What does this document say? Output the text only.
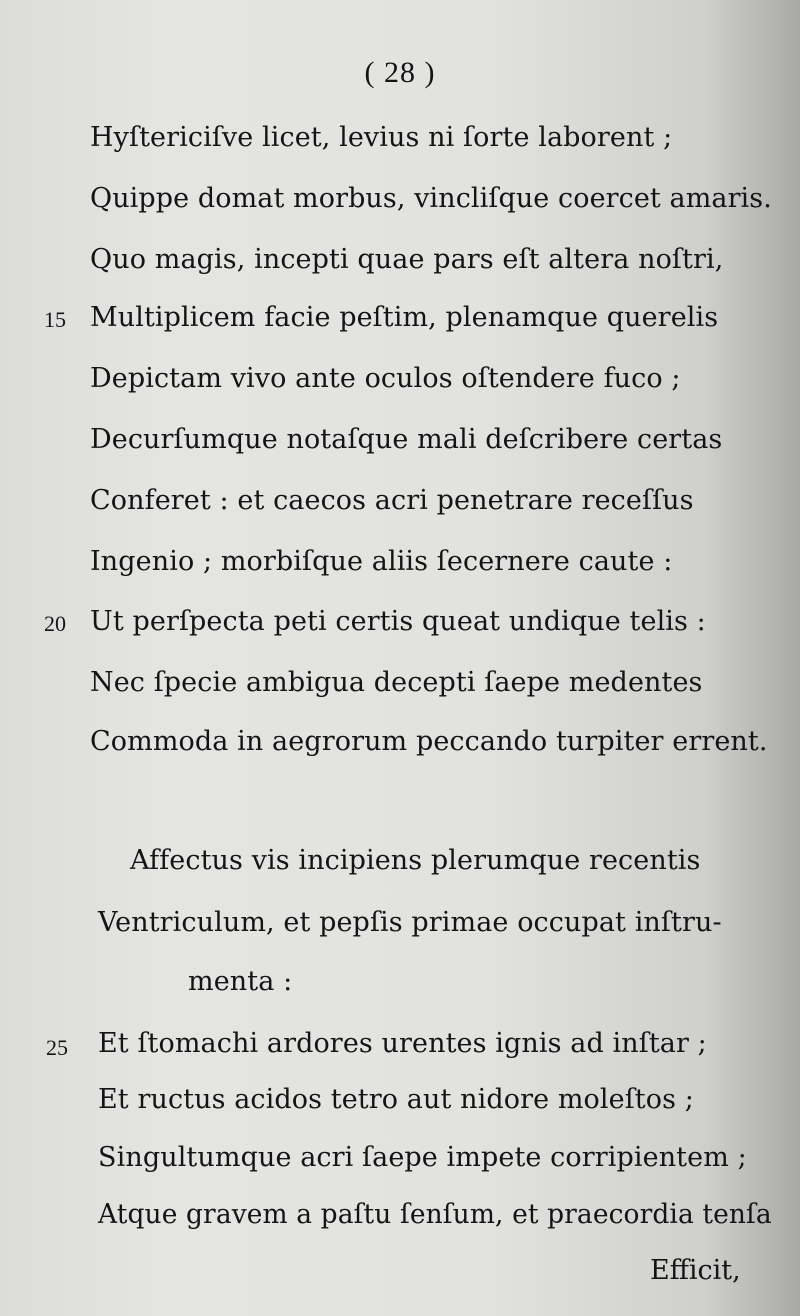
( 28 )
Hyſtericiſve licet, levius ni ſorte laborent ;
Quippe domat morbus, vincliſque coercet amaris.
Quo magis, incepti quae pars eſt altera noſtri,
15 Multiplicem facie peſtim, plenamque querelis
Depictam vivo ante oculos oſtendere fuco ;
Decurſumque notaſque mali deſcribere certas
Conferet : et caecos acri penetrare receſſus
Ingenio ; morbiſque aliis ſecernere caute :
20 Ut perſpecta peti certis queat undique telis :
Nec ſpecie ambigua decepti ſaepe medentes
Commoda in aegrorum peccando turpiter errent.
Affectus vis incipiens plerumque recentis
Ventriculum, et pepſis primae occupat inſtru-
menta :
25 Et ſtomachi ardores urentes ignis ad inſtar ;
Et ructus acidos tetro aut nidore moleſtos ;
Singultumque acri ſaepe impete corripientem ;
Atque gravem a paſtu ſenſum, et praecordia tenſa
Efficit,
